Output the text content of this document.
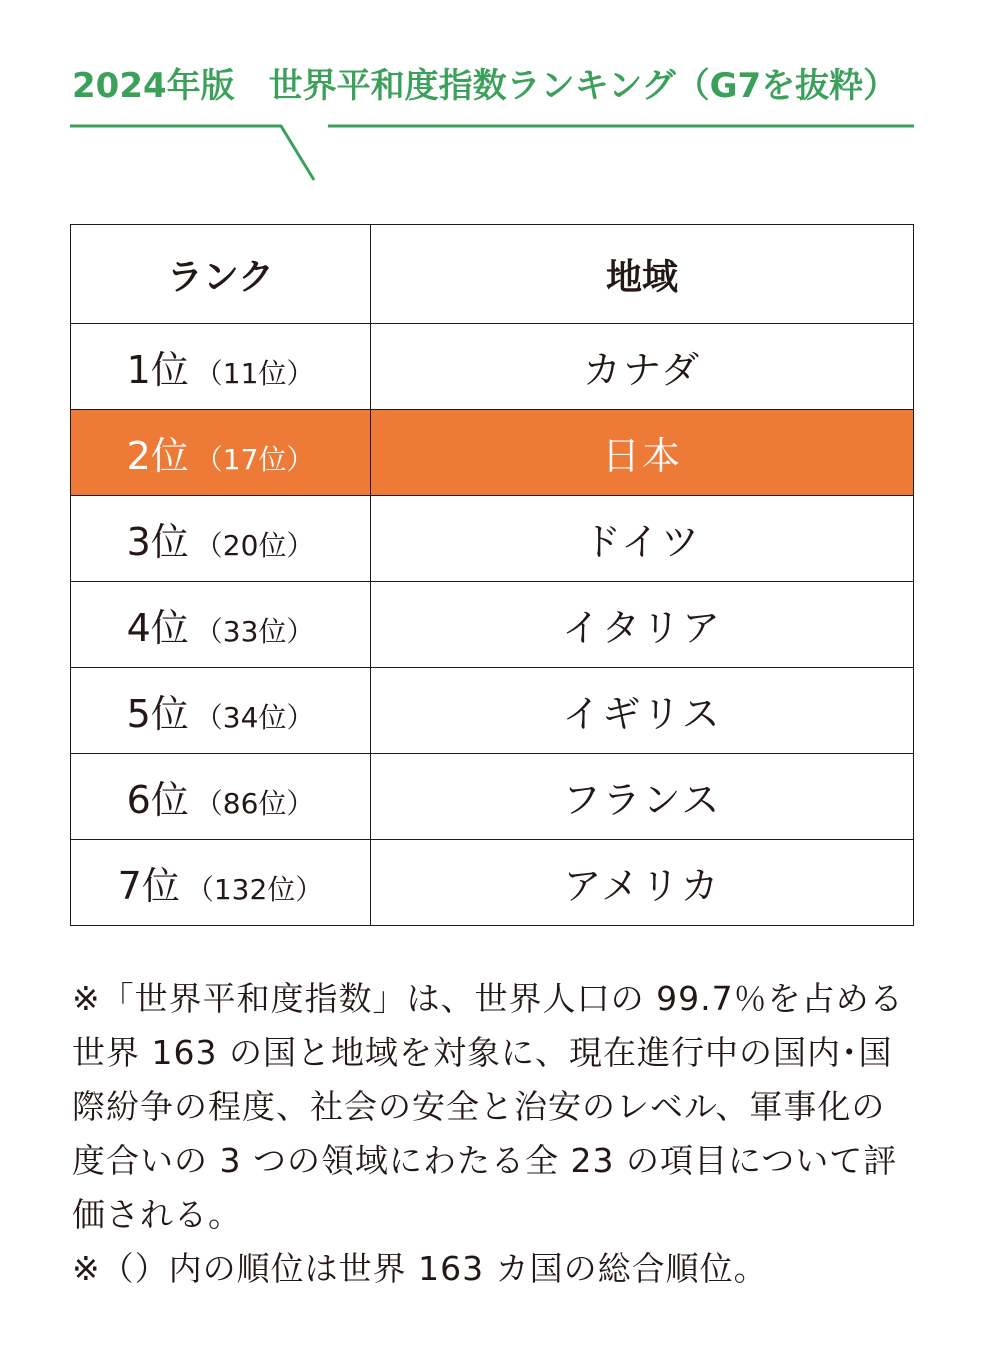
2024年版 世界平和度指数ランキング（G7を抜粋）
ランク	地域
1位 （11位）	カナダ
2位 （17位）	日本
3位 （20位）	ドイツ
4位 （33位）	イタリア
5位 （34位）	イギリス
6位 （86位）	フランス
7位 （132位）	アメリカ

※「世界平和度指数」は、世界人口の 99.7％を占める世界 163 の国と地域を対象に、現在進行中の国内･国際紛争の程度、社会の安全と治安のレベル、軍事化の度合いの 3 つの領域にわたる全 23 の項目について評価される。

※（）内の順位は世界 163 カ国の総合順位。
